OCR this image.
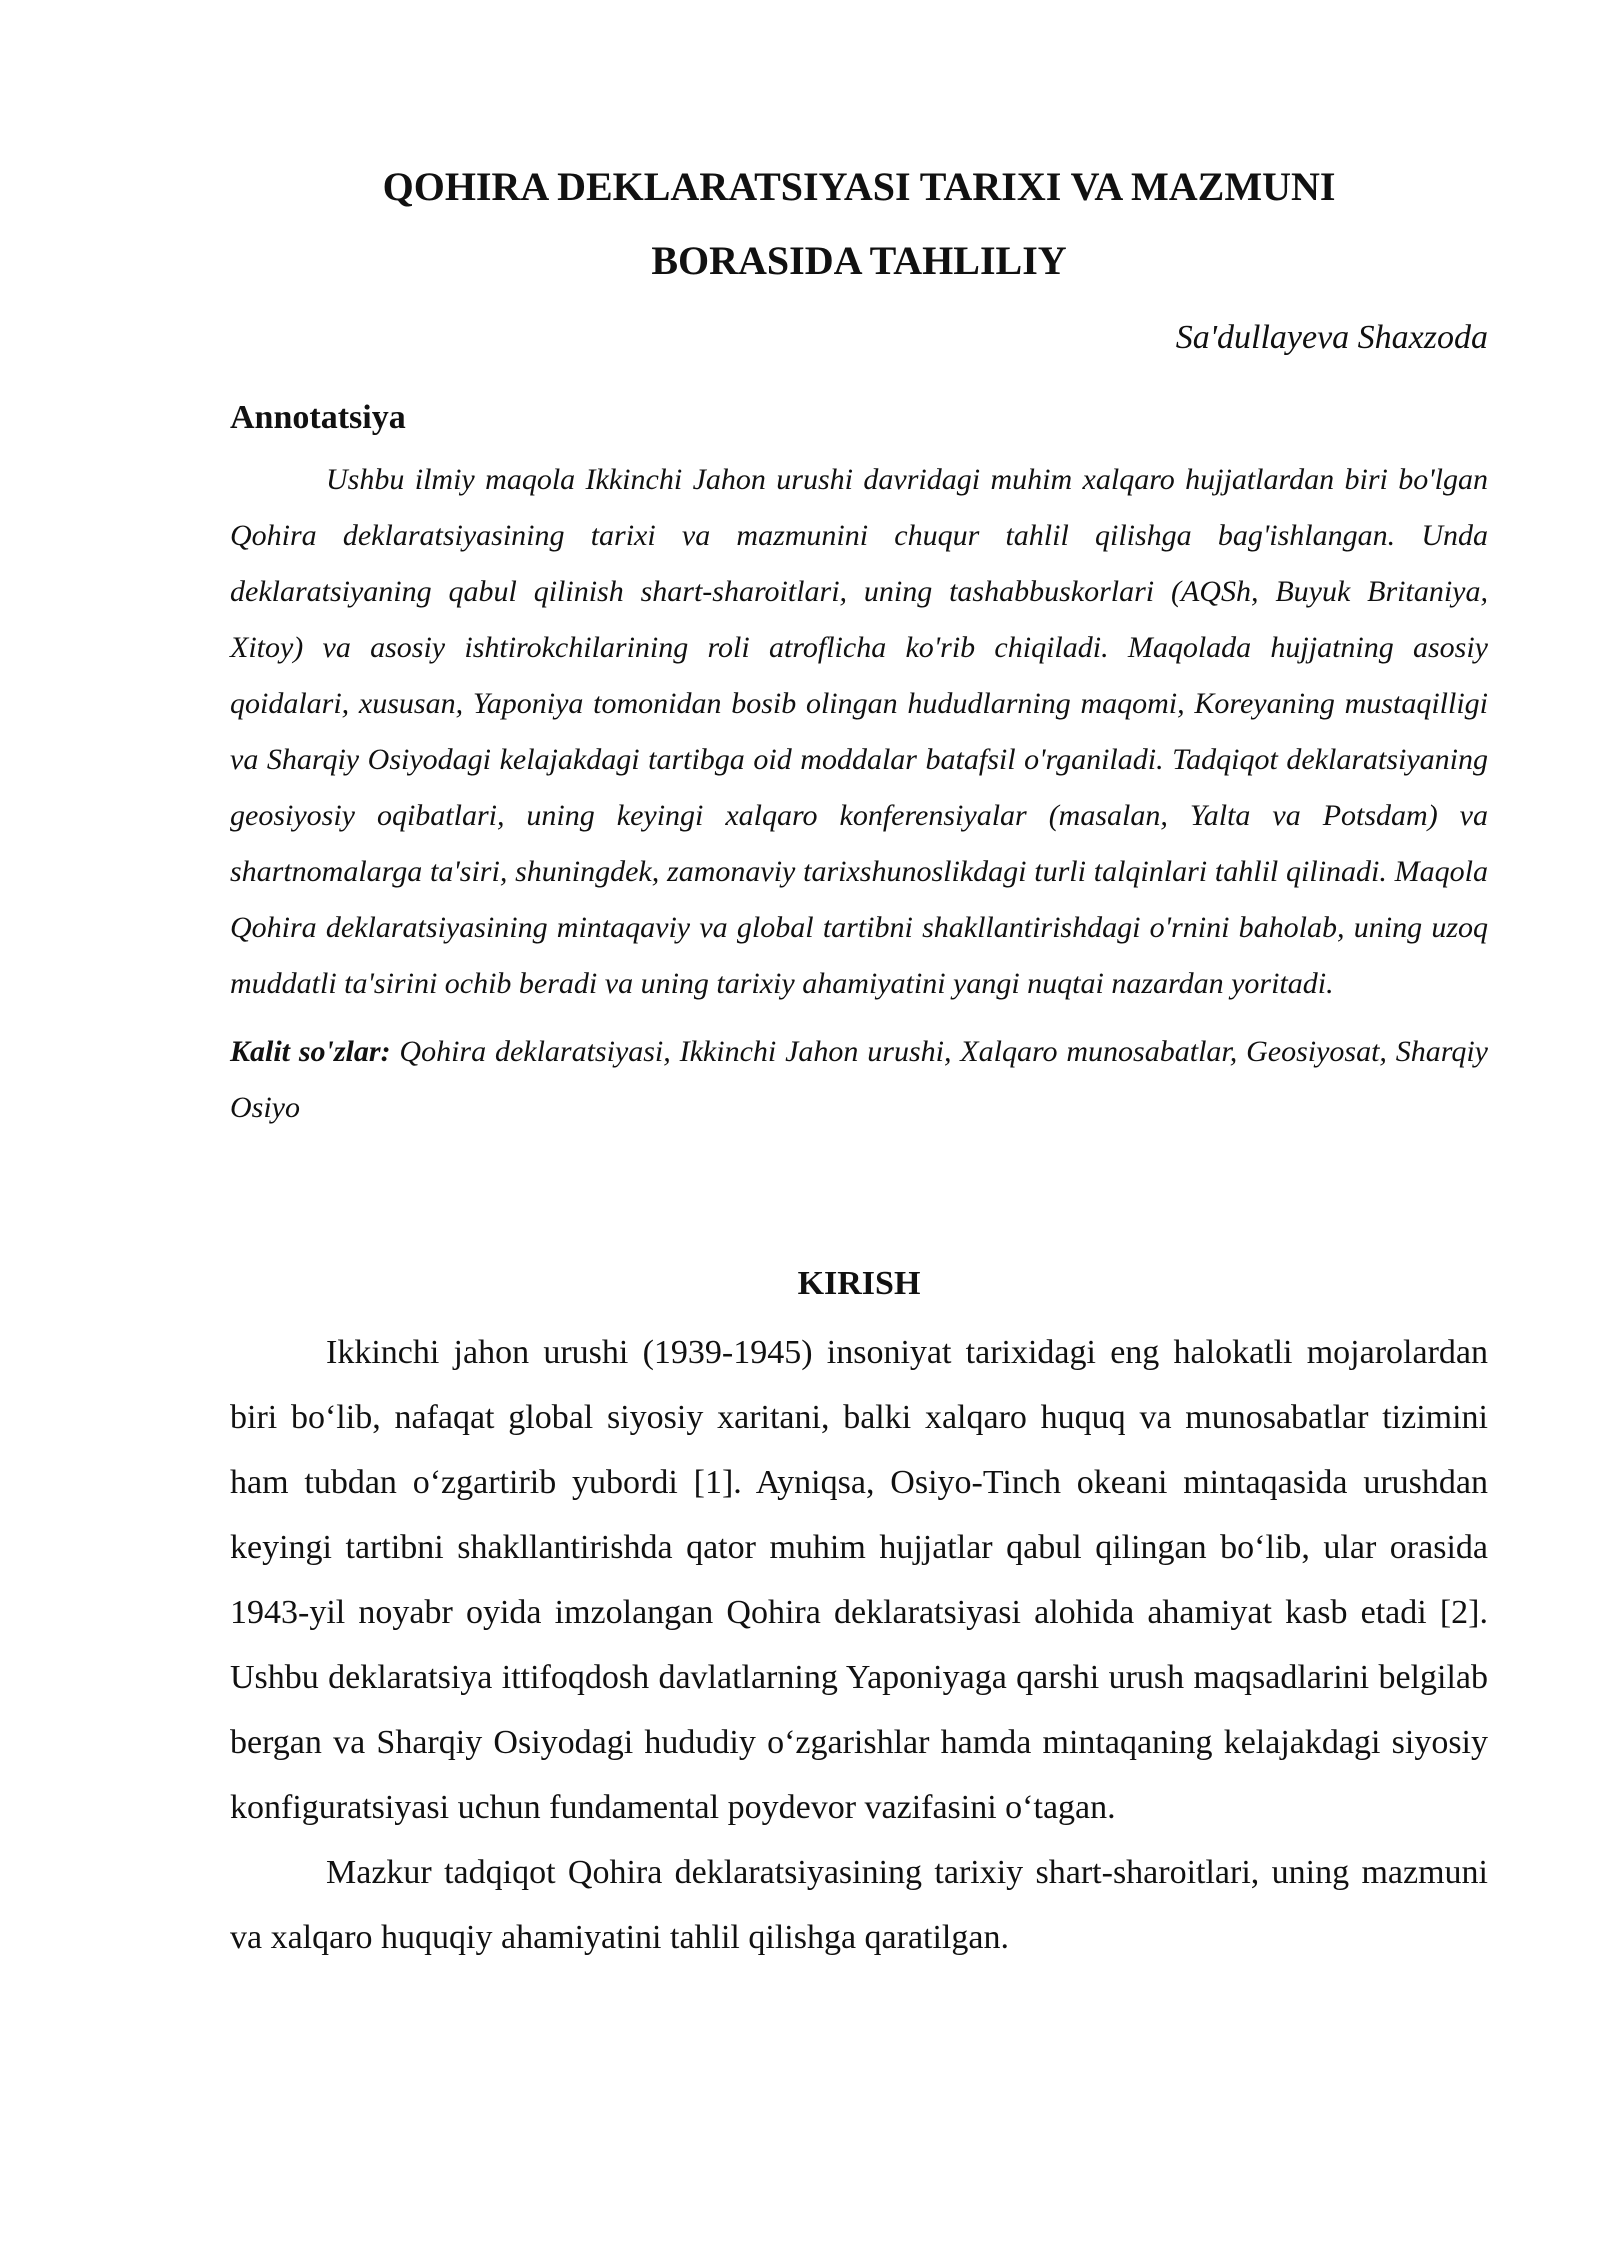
QOHIRA DEKLARATSIYASI TARIXI VA MAZMUNI
BORASIDA TAHLILIY

Sa'dullayeva Shaxzoda

Annotatsiya

Ushbu ilmiy maqola Ikkinchi Jahon urushi davridagi muhim xalqaro hujjatlardan biri bo'lgan Qohira deklaratsiyasining tarixi va mazmunini chuqur tahlil qilishga bag'ishlangan. Unda deklaratsiyaning qabul qilinish shart-sharoitlari, uning tashabbuskorlari (AQSh, Buyuk Britaniya, Xitoy) va asosiy ishtirokchilarining roli atroflicha ko'rib chiqiladi. Maqolada hujjatning asosiy qoidalari, xususan, Yaponiya tomonidan bosib olingan hududlarning maqomi, Koreyaning mustaqilligi va Sharqiy Osiyodagi kelajakdagi tartibga oid moddalar batafsil o'rganiladi. Tadqiqot deklaratsiyaning geosiyosiy oqibatlari, uning keyingi xalqaro konferensiyalar (masalan, Yalta va Potsdam) va shartnomalarga ta'siri, shuningdek, zamonaviy tarixshunoslikdagi turli talqinlari tahlil qilinadi. Maqola Qohira deklaratsiyasining mintaqaviy va global tartibni shakllantirishdagi o'rnini baholab, uning uzoq muddatli ta'sirini ochib beradi va uning tarixiy ahamiyatini yangi nuqtai nazardan yoritadi.

Kalit so'zlar: Qohira deklaratsiyasi, Ikkinchi Jahon urushi, Xalqaro munosabatlar, Geosiyosat, Sharqiy Osiyo

KIRISH

Ikkinchi jahon urushi (1939-1945) insoniyat tarixidagi eng halokatli mojarolardan biri bo‘lib, nafaqat global siyosiy xaritani, balki xalqaro huquq va munosabatlar tizimini ham tubdan o‘zgartirib yubordi [1]. Ayniqsa, Osiyo-Tinch okeani mintaqasida urushdan keyingi tartibni shakllantirishda qator muhim hujjatlar qabul qilingan bo‘lib, ular orasida 1943-yil noyabr oyida imzolangan Qohira deklaratsiyasi alohida ahamiyat kasb etadi [2]. Ushbu deklaratsiya ittifoqdosh davlatlarning Yaponiyaga qarshi urush maqsadlarini belgilab bergan va Sharqiy Osiyodagi hududiy o‘zgarishlar hamda mintaqaning kelajakdagi siyosiy konfiguratsiyasi uchun fundamental poydevor vazifasini o‘tagan.

Mazkur tadqiqot Qohira deklaratsiyasining tarixiy shart-sharoitlari, uning mazmuni va xalqaro huquqiy ahamiyatini tahlil qilishga qaratilgan.
